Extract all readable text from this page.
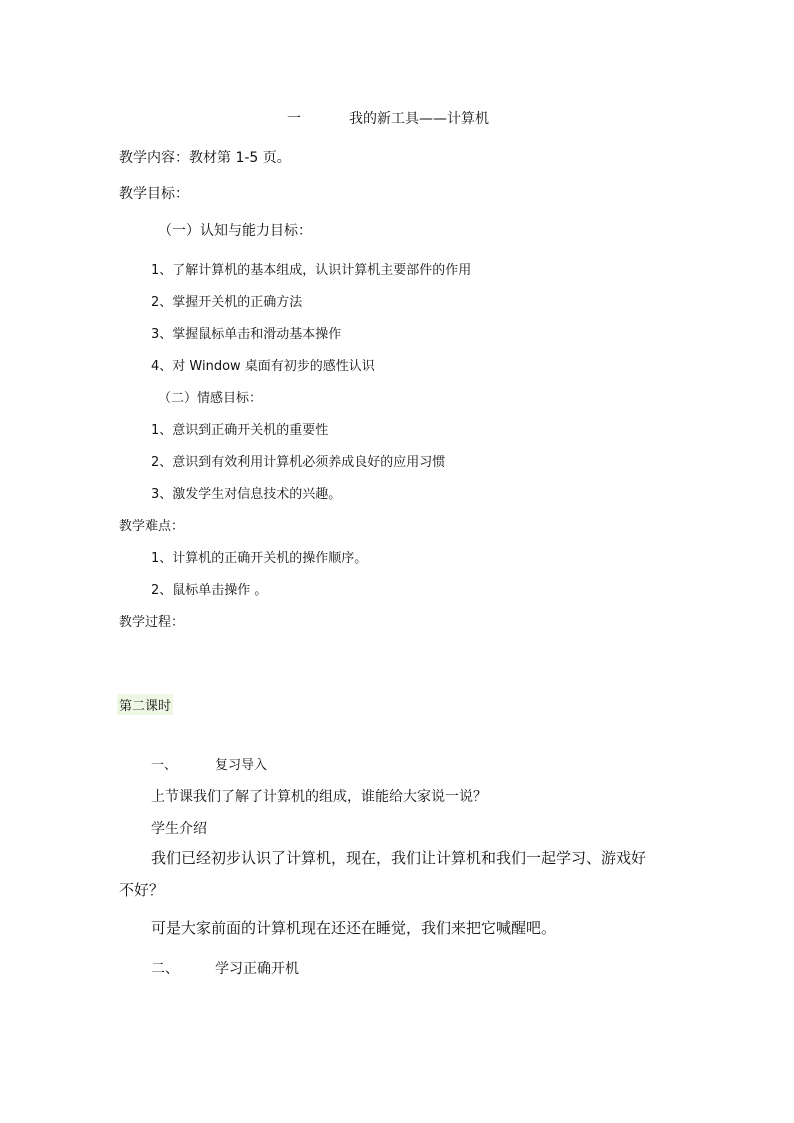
一	我的新工具——计算机
教学内容：教材第 1-5 页。
教学目标：
（一）认知与能力目标：
1、了解计算机的基本组成，认识计算机主要部件的作用
2、掌握开关机的正确方法
3、掌握鼠标单击和滑动基本操作
4、对 Window 桌面有初步的感性认识
（二）情感目标：
1、意识到正确开关机的重要性
2、意识到有效利用计算机必须养成良好的应用习惯
3、激发学生对信息技术的兴趣。
教学难点：
1、计算机的正确开关机的操作顺序。
2、鼠标单击操作 。
教学过程：
第二课时
一、	复习导入
上节课我们了解了计算机的组成，谁能给大家说一说？
学生介绍
我们已经初步认识了计算机，现在，我们让计算机和我们一起学习、游戏好
不好？
可是大家前面的计算机现在还还在睡觉，我们来把它喊醒吧。
二、	学习正确开机
